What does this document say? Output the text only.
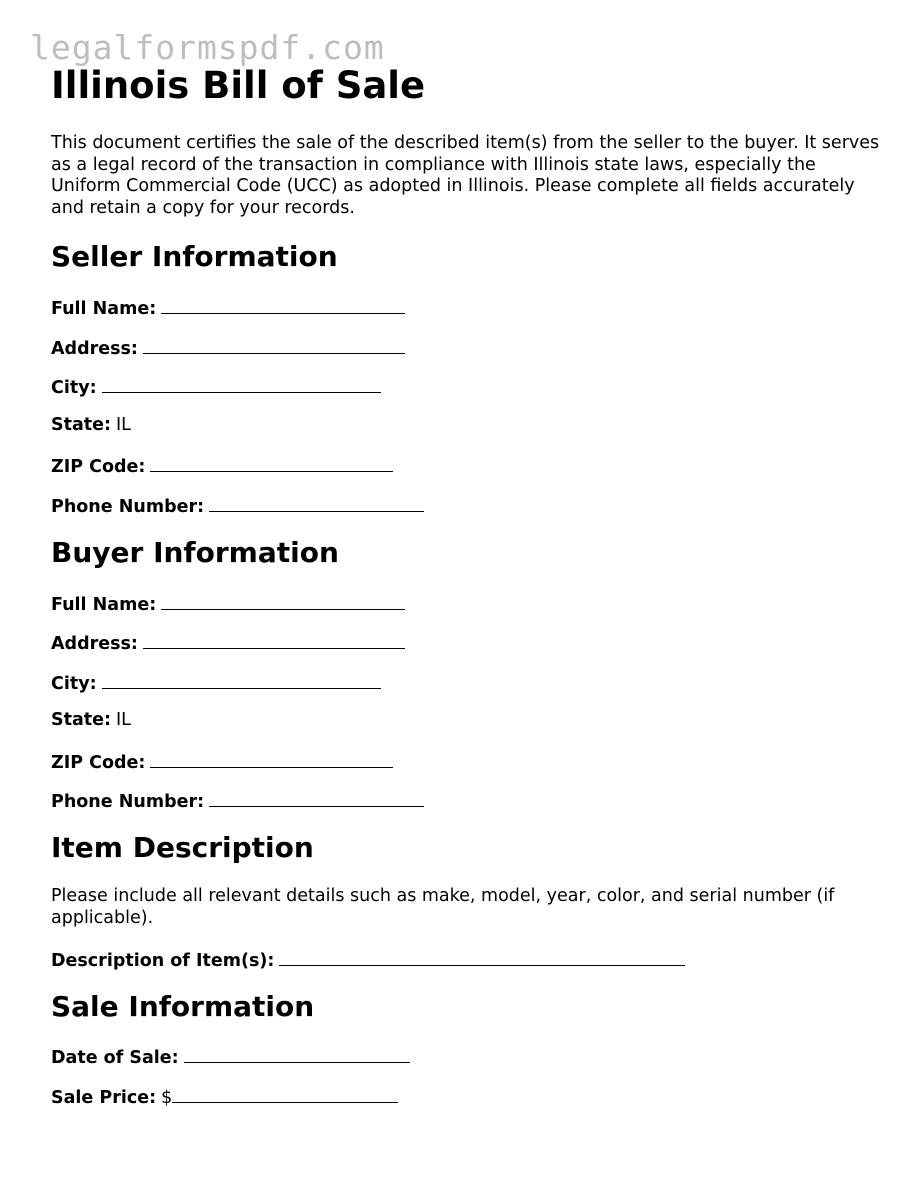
legalformspdf.com
Illinois Bill of Sale

This document certifies the sale of the described item(s) from the seller to the buyer. It serves as a legal record of the transaction in compliance with Illinois state laws, especially the Uniform Commercial Code (UCC) as adopted in Illinois. Please complete all fields accurately and retain a copy for your records.

Seller Information
Full Name:
Address:
City:
State: IL
ZIP Code:
Phone Number:
Buyer Information
Full Name:
Address:
City:
State: IL
ZIP Code:
Phone Number:
Item Description

Please include all relevant details such as make, model, year, color, and serial number (if applicable).

Description of Item(s):
Sale Information
Date of Sale:
Sale Price: $
